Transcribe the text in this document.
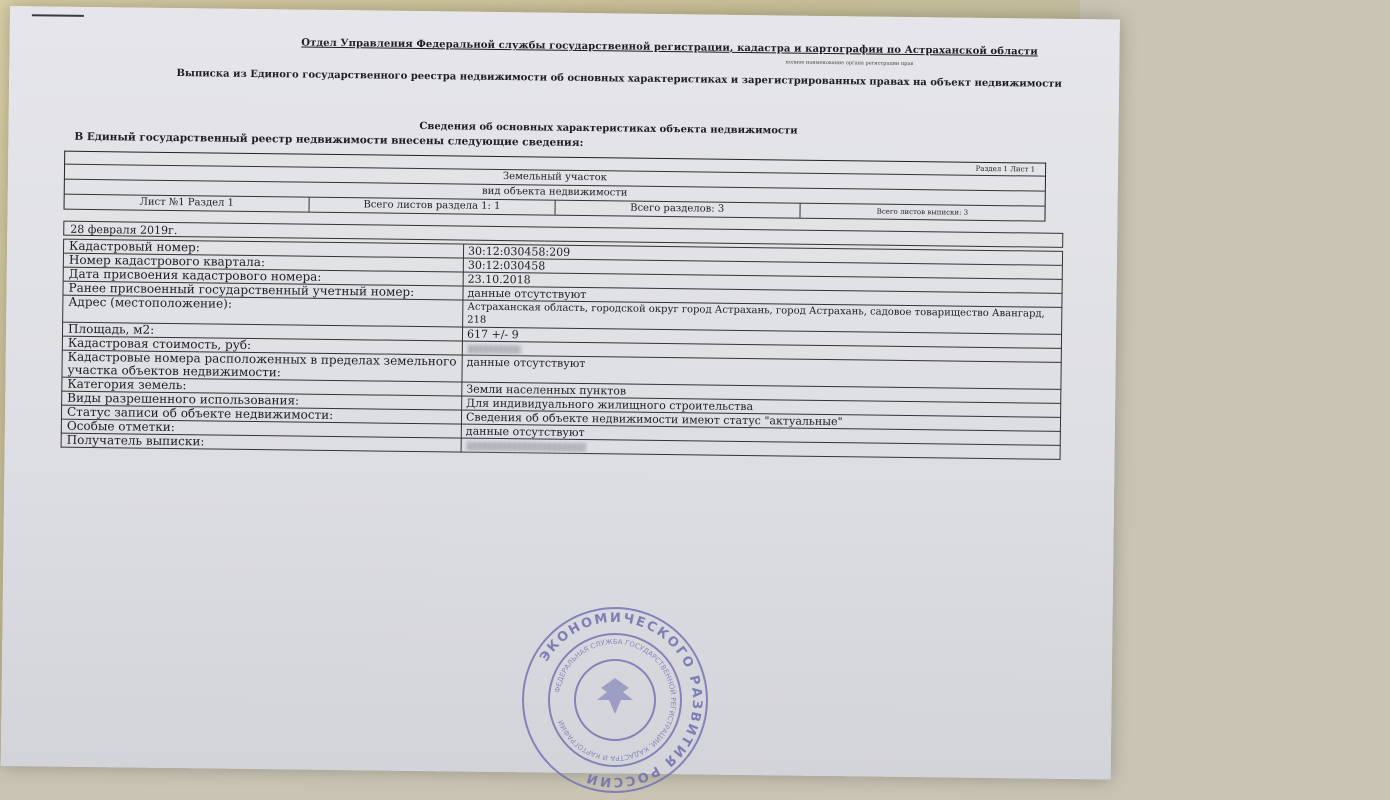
Отдел Управления Федеральной службы государственной регистрации, кадастра и картографии по Астраханской области
полное наименование органа регистрации прав
Выписка из Единого государственного реестра недвижимости об основных характеристиках и зарегистрированных правах на объект недвижимости
Сведения об основных характеристиках объекта недвижимости
В Единый государственный реестр недвижимости внесены следующие сведения:
Раздел 1 Лист 1
Земельный участок
вид объекта недвижимости
Лист №1 Раздел 1	Всего листов раздела 1: 1	Всего разделов: 3	Всего листов выписки: 3
28 февраля 2019г.
Кадастровый номер:	30:12:030458:209
Номер кадастрового квартала:	30:12:030458
Дата присвоения кадастрового номера:	23.10.2018
Ранее присвоенный государственный учетный номер:	данные отсутствуют
Адрес (местоположение):	Астраханская область, городской округ город Астрахань, город Астрахань, садовое товарищество Авангард, 218
Площадь, м2:	617 +/- 9
Кадастровая стоимость, руб:
Кадастровые номера расположенных в пределах земельного участка объектов недвижимости:	данные отсутствуют
Категория земель:	Земли населенных пунктов
Виды разрешенного использования:	Для индивидуального жилищного строительства
Статус записи об объекте недвижимости:	Сведения об объекте недвижимости имеют статус "актуальные"
Особые отметки:	данные отсутствуют
Получатель выписки:
ЭКОНОМИЧЕСКОГО РАЗВИТИЯ РОССИИ
ФЕДЕРАЛЬНАЯ СЛУЖБА ГОСУДАРСТВЕННОЙ РЕГИСТРАЦИИ, КАДАСТРА И КАРТОГРАФИИ
